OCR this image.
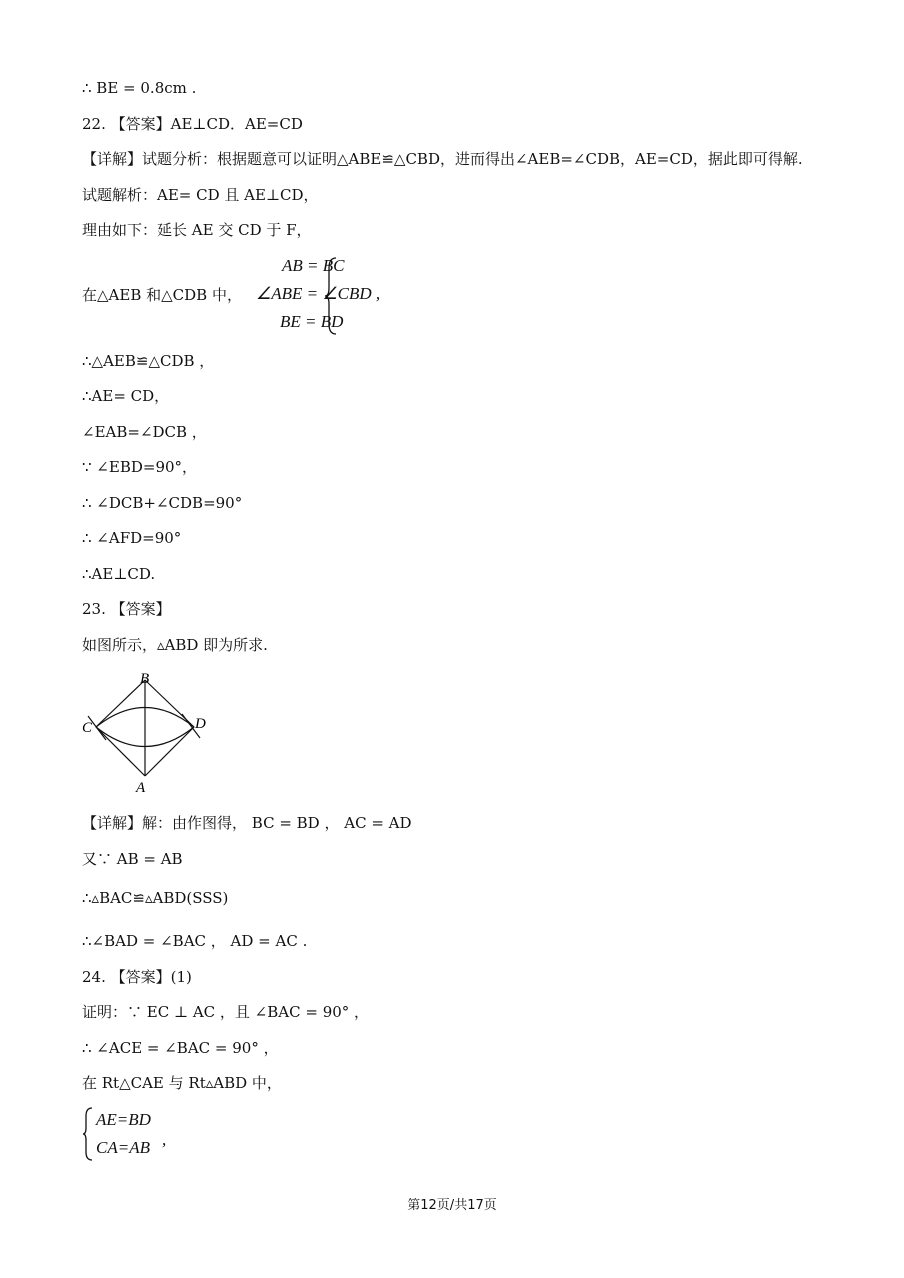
∴ BE = 0.8cm .
22. 【答案】AE⊥CD．AE=CD
【详解】试题分析：根据题意可以证明△ABE≌△CBD，进而得出∠AEB=∠CDB，AE=CD，据此即可得解.
试题解析：AE= CD 且 AE⊥CD，
理由如下：延长 AE 交 CD 于 F，
在△AEB 和△CDB 中，
AB = BC
∠ABE = ∠CBD ,
BE = BD
∴△AEB≌△CDB ，
∴AE= CD，
∠EAB=∠DCB ，
∵ ∠EBD=90°，
∴ ∠DCB+∠CDB=90°
∴ ∠AFD=90°
∴AE⊥CD.
23. 【答案】
如图所示，▵ABD 即为所求.
B
C	D
A
【详解】解：由作图得， BC = BD ， AC = AD
又∵ AB = AB
∴▵BAC≌▵ABD(SSS)
∴∠BAD = ∠BAC ， AD = AC .
24. 【答案】(1)
证明：∵ EC ⊥ AC ，且 ∠BAC = 90° ，
∴ ∠ACE = ∠BAC = 90° ，
在 Rt△CAE 与 Rt▵ABD 中，
AE=BD
CA=AB ,
第12页/共17页
